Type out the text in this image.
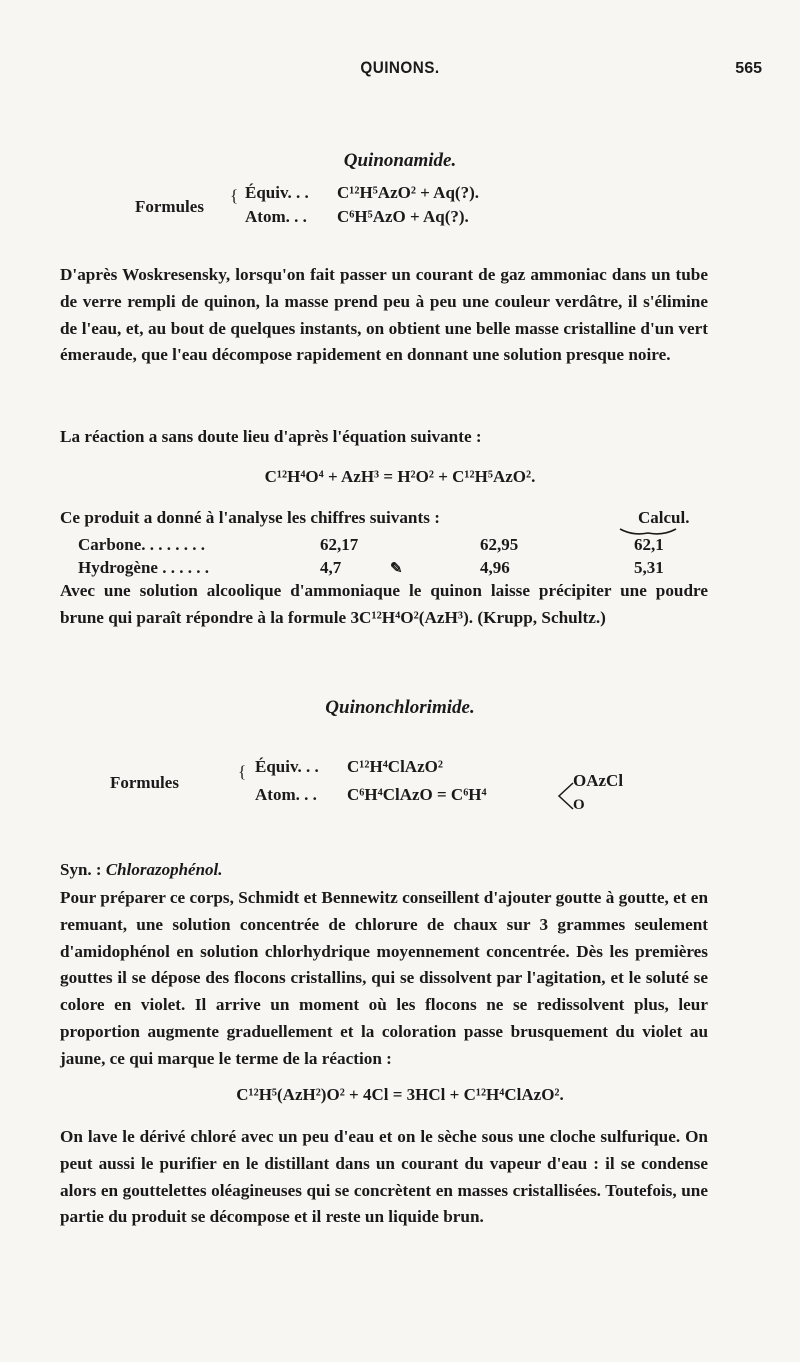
QUINONS.	565
Quinonamide.
Formules
{ Équiv. . . C¹²H⁵AzO² + Aq(?).
Atom. . . C⁶H⁵AzO + Aq(?).

D'après Woskresensky, lorsqu'on fait passer un courant de gaz ammoniac dans un tube de verre rempli de quinon, la masse prend peu à peu une couleur verdâtre, il s'élimine de l'eau, et, au bout de quelques instants, on obtient une belle masse cristalline d'un vert émeraude, que l'eau décompose rapidement en donnant une solution presque noire.

La réaction a sans doute lieu d'après l'équation suivante :

C¹²H⁴O⁴ + AzH³ = H²O² + C¹²H⁵AzO².

Ce produit a donné à l'analyse les chiffres suivants :	Calcul.
Carbone. . . . . . . .	62,17	62,95	62,1
Hydrogène . . . . . .	4,7	✎	4,96	5,31

Avec une solution alcoolique d'ammoniaque le quinon laisse précipiter une poudre brune qui paraît répondre à la formule 3C¹²H⁴O²(AzH³). (Krupp, Schultz.)

Quinonchlorimide.
Formules
{ Équiv. . . C¹²H⁴ClAzO²
Atom. . . C⁶H⁴ClAzO = C⁶H⁴
OAzCl
O
Syn. : Chlorazophénol.

Pour préparer ce corps, Schmidt et Bennewitz conseillent d'ajouter goutte à goutte, et en remuant, une solution concentrée de chlorure de chaux sur 3 grammes seulement d'amidophénol en solution chlorhydrique moyennement concentrée. Dès les premières gouttes il se dépose des flocons cristallins, qui se dissolvent par l'agitation, et le soluté se colore en violet. Il arrive un moment où les flocons ne se redissolvent plus, leur proportion augmente graduellement et la coloration passe brusquement du violet au jaune, ce qui marque le terme de la réaction :

C¹²H⁵(AzH²)O² + 4Cl = 3HCl + C¹²H⁴ClAzO².

On lave le dérivé chloré avec un peu d'eau et on le sèche sous une cloche sulfurique. On peut aussi le purifier en le distillant dans un courant du vapeur d'eau : il se condense alors en gouttelettes oléagineuses qui se concrètent en masses cristallisées. Toutefois, une partie du produit se décompose et il reste un liquide brun.
